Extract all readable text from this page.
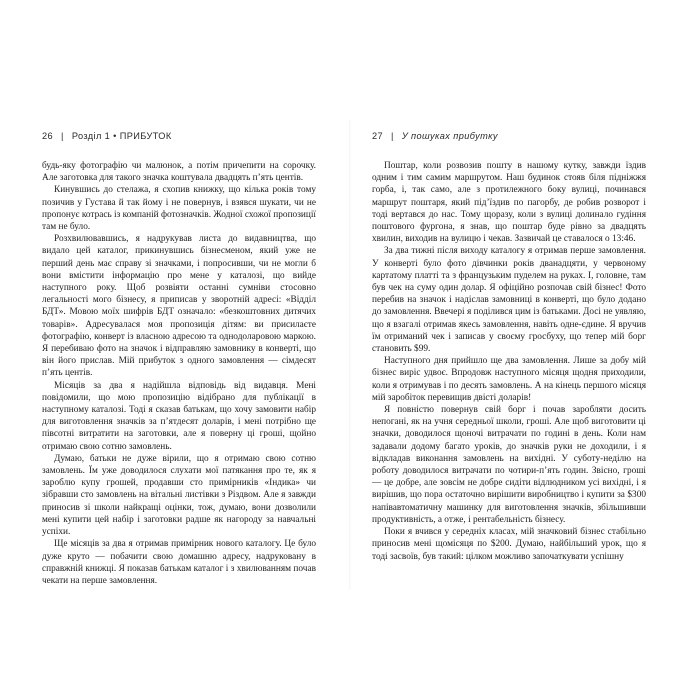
26 | Розділ 1 • ПРИБУТОК

будь-яку фотографію чи малюнок, а потім причепити на сорочку. Але заготовка для такого значка коштувала двадцять п’ять центів.

Кинувшись до стелажа, я схопив книжку, що кілька років тому позичив у Густава й так йому і не повернув, і взявся шукати, чи не пропонує котрась із компаній фотозначків. Жодної схожої пропозиції там не було.

Розхвилювавшись, я надрукував листа до видавництва, що видало цей каталог, прикинувшись бізнесменом, який уже не перший день має справу зі значками, і попросивши, чи не могли б вони вмістити інформацію про мене у каталозі, що вийде наступного року. Щоб розвіяти останні сумніви стосовно легальності мого бізнесу, я приписав у зворотній адресі: «Відділ БДТ». Мовою моїх шифрів БДТ означало: «безкоштовних дитячих товарів». Адресувалася моя пропозиція дітям: ви присилаєте фотографію, конверт із власною адресою та однодоларовою маркою. Я перебиваю фото на значок і відправляю замовнику в конверті, що він його прислав. Мій прибуток з одного замовлення — сімдесят п’ять центів.

Місяців за два я надійшла відповідь від видавця. Мені повідомили, що мою пропозицію відібрано для публікації в наступному каталозі. Тоді я сказав батькам, що хочу замовити набір для виготовлення значків за п’ятдесят доларів, і мені потрібно ще півсотні витратити на заготовки, але я поверну ці гроші, щойно отримаю свою сотню замовлень.

Думаю, батьки не дуже вірили, що я отримаю свою сотню замовлень. Їм уже доводилося слухати мої патякання про те, як я зароблю купу грошей, продавши сто примірників «Індика» чи зібравши сто замовлень на вітальні листівки з Різдвом. Але я завжди приносив зі школи найкращі оцінки, тож, думаю, вони дозволили мені купити цей набір і заготовки радше як нагороду за навчальні успіхи.

Ще місяців за два я отримав примірник нового каталогу. Це було дуже круто — побачити свою домашню адресу, надруковану в справжній книжці. Я показав батькам каталог і з хвилюванням почав чекати на перше замовлення.

27 | У пошуках прибутку

Поштар, коли розвозив пошту в нашому кутку, завжди їздив одним і тим самим маршрутом. Наш будинок стояв біля підніжжя горба, і, так само, але з протилежного боку вулиці, починався маршрут поштаря, який під’їздив по пагорбу, де робив розворот і тоді вертався до нас. Тому щоразу, коли з вулиці долинало гудіння поштового фургона, я знав, що поштар буде рівно за двадцять хвилин, виходив на вулицю і чекав. Зазвичай це ставалося о 13:46.

За два тижні після виходу каталогу я отримав перше замовлення. У конверті було фото дівчинки років дванадцяти, у червоному картатому платті та з французьким пуделем на руках. І, головне, там був чек на суму один долар. Я офіційно розпочав свій бізнес! Фото перебив на значок і надіслав замовниці в конверті, що було додано до замовлення. Ввечері я поділився цим із батьками. Досі не уявляю, що я взагалі отримав якесь замовлення, навіть одне-єдине. Я вручив їм отриманий чек і записав у своєму гросбуху, що тепер мій борг становить $99.

Наступного дня прийшло ще два замовлення. Лише за добу мій бізнес виріс удвоє. Впродовж наступного місяця щодня приходили, коли я отримував і по десять замовлень. А на кінець першого місяця мій заробіток перевищив двісті доларів!

Я повністю повернув свій борг і почав заробляти досить непогані, як на учня середньої школи, гроші. Але щоб виготовити ці значки, доводилося щоночі витрачати по годині в день. Коли нам задавали додому багато уроків, до значків руки не доходили, і я відкладав виконання замовлень на вихідні. У суботу-неділю на роботу доводилося витрачати по чотири-п’ять годин. Звісно, гроші — це добре, але зовсім не добре сидіти відлюдником усі вихідні, і я вирішив, що пора остаточно вирішити виробництво і купити за $300 напівавтоматичну машинку для виготовлення значків, збільшивши продуктивність, а отже, і рентабельність бізнесу.

Поки я вчився у середніх класах, мій значковий бізнес стабільно приносив мені щомісяця по $200. Думаю, найбільший урок, що я тоді засвоїв, був такий: цілком можливо започаткувати успішну
